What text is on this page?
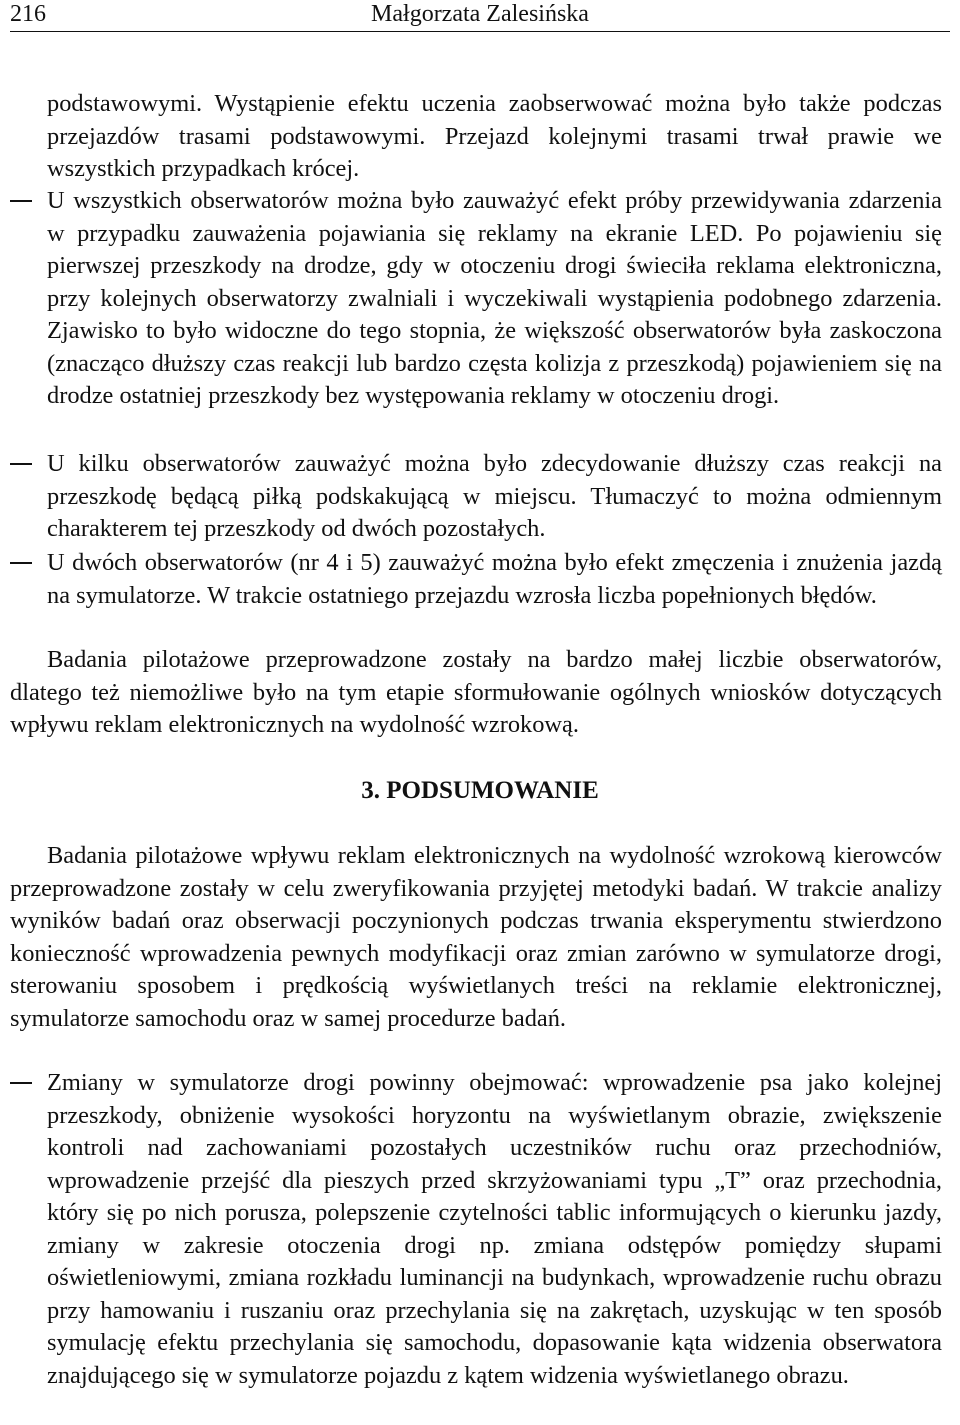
216	Małgorzata Zalesińska

podstawowymi. Wystąpienie efektu uczenia zaobserwować można było także podczas przejazdów trasami podstawowymi. Przejazd kolejnymi trasami trwał prawie we wszystkich przypadkach krócej.

U wszystkich obserwatorów można było zauważyć efekt próby przewidywania zdarzenia w przypadku zauważenia pojawiania się reklamy na ekranie LED. Po pojawieniu się pierwszej przeszkody na drodze, gdy w otoczeniu drogi świeciła reklama elektroniczna, przy kolejnych obserwatorzy zwalniali i wyczekiwali wystąpienia podobnego zdarzenia. Zjawisko to było widoczne do tego stopnia, że większość obserwatorów była zaskoczona (znacząco dłuższy czas reakcji lub bardzo częsta kolizja z przeszkodą) pojawieniem się na drodze ostatniej przeszkody bez występowania reklamy w otoczeniu drogi.

U kilku obserwatorów zauważyć można było zdecydowanie dłuższy czas reakcji na przeszkodę będącą piłką podskakującą w miejscu. Tłumaczyć to można odmiennym charakterem tej przeszkody od dwóch pozostałych.

U dwóch obserwatorów (nr 4 i 5) zauważyć można było efekt zmęczenia i znużenia jazdą na symulatorze. W trakcie ostatniego przejazdu wzrosła liczba popełnionych błędów.

Badania pilotażowe przeprowadzone zostały na bardzo małej liczbie obserwatorów, dlatego też niemożliwe było na tym etapie sformułowanie ogólnych wniosków dotyczących wpływu reklam elektronicznych na wydolność wzrokową.

3. PODSUMOWANIE

Badania pilotażowe wpływu reklam elektronicznych na wydolność wzrokową kierowców przeprowadzone zostały w celu zweryfikowania przyjętej metodyki badań. W trakcie analizy wyników badań oraz obserwacji poczynionych podczas trwania eksperymentu stwierdzono konieczność wprowadzenia pewnych modyfikacji oraz zmian zarówno w symulatorze drogi, sterowaniu sposobem i prędkością wyświetlanych treści na reklamie elektronicznej, symulatorze samochodu oraz w samej procedurze badań.

Zmiany w symulatorze drogi powinny obejmować: wprowadzenie psa jako kolejnej przeszkody, obniżenie wysokości horyzontu na wyświetlanym obrazie, zwiększenie kontroli nad zachowaniami pozostałych uczestników ruchu oraz przechodniów, wprowadzenie przejść dla pieszych przed skrzyżowaniami typu „T” oraz przechodnia, który się po nich porusza, polepszenie czytelności tablic informujących o kierunku jazdy, zmiany w zakresie otoczenia drogi np. zmiana odstępów pomiędzy słupami oświetleniowymi, zmiana rozkładu luminancji na budynkach, wprowadzenie ruchu obrazu przy hamowaniu i ruszaniu oraz przechylania się na zakrętach, uzyskując w ten sposób symulację efektu przechylania się samochodu, dopasowanie kąta widzenia obserwatora znajdującego się w symulatorze pojazdu z kątem widzenia wyświetlanego obrazu.
